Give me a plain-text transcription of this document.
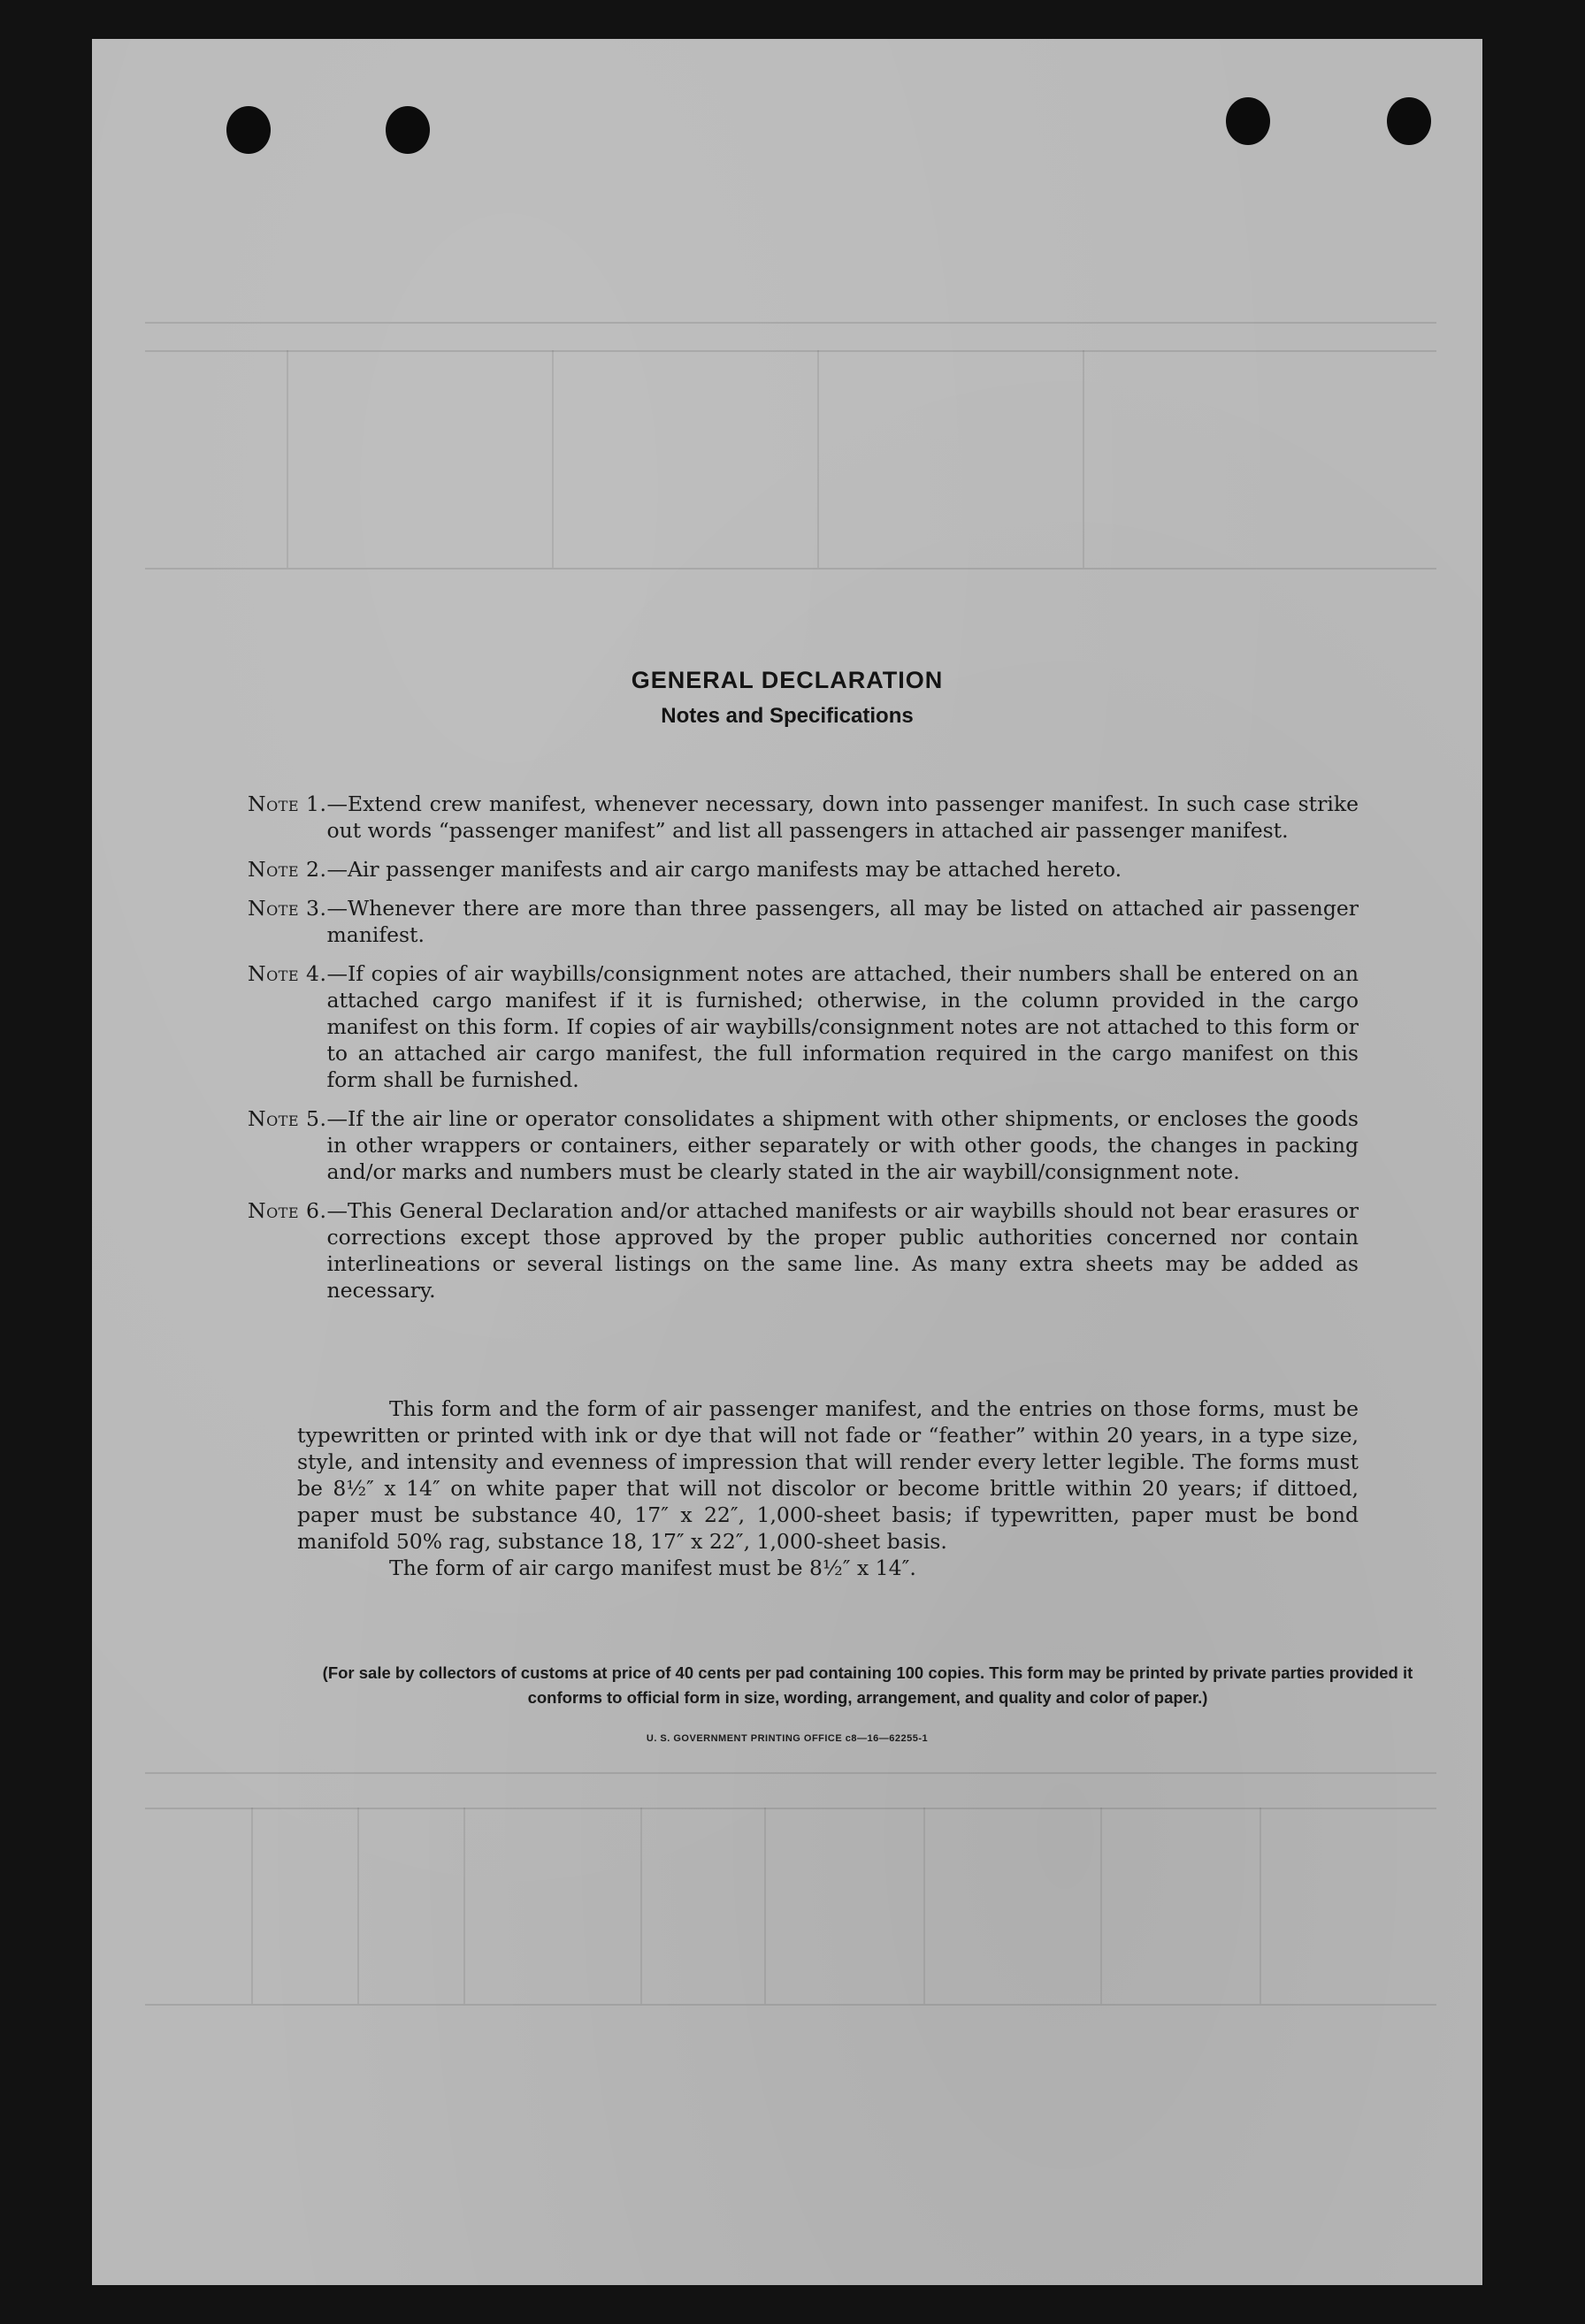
GENERAL DECLARATION
Notes and Specifications
Note 1. —Extend crew manifest, whenever necessary, down into passenger manifest. In such case strike out words “passenger manifest” and list all passengers in attached air passenger manifest.
Note 2. —Air passenger manifests and air cargo manifests may be attached hereto.
Note 3. —Whenever there are more than three passengers, all may be listed on attached air passenger manifest.
Note 4. —If copies of air waybills/consignment notes are attached, their numbers shall be entered on an attached cargo manifest if it is furnished; otherwise, in the column provided in the cargo manifest on this form. If copies of air waybills/consignment notes are not attached to this form or to an attached air cargo manifest, the full information required in the cargo manifest on this form shall be furnished.
Note 5. —If the air line or operator consolidates a shipment with other shipments, or encloses the goods in other wrappers or containers, either separately or with other goods, the changes in packing and/or marks and numbers must be clearly stated in the air waybill/consignment note.
Note 6. —This General Declaration and/or attached manifests or air waybills should not bear erasures or corrections except those approved by the proper public authorities concerned nor contain interlineations or several listings on the same line. As many extra sheets may be added as necessary.
This form and the form of air passenger manifest, and the entries on those forms, must be typewritten or printed with ink or dye that will not fade or “feather” within 20 years, in a type size, style, and intensity and evenness of impression that will render every letter legible. The forms must be 8½″ x 14″ on white paper that will not discolor or become brittle within 20 years; if dittoed, paper must be substance 40, 17″ x 22″, 1,000-sheet basis; if typewritten, paper must be bond manifold 50% rag, substance 18, 17″ x 22″, 1,000-sheet basis.
The form of air cargo manifest must be 8½″ x 14″.
(For sale by collectors of customs at price of 40 cents per pad containing 100 copies. This form may be printed by private parties provided it conforms to official form in size, wording, arrangement, and quality and color of paper.)
U. S. GOVERNMENT PRINTING OFFICE c8—16—62255-1
